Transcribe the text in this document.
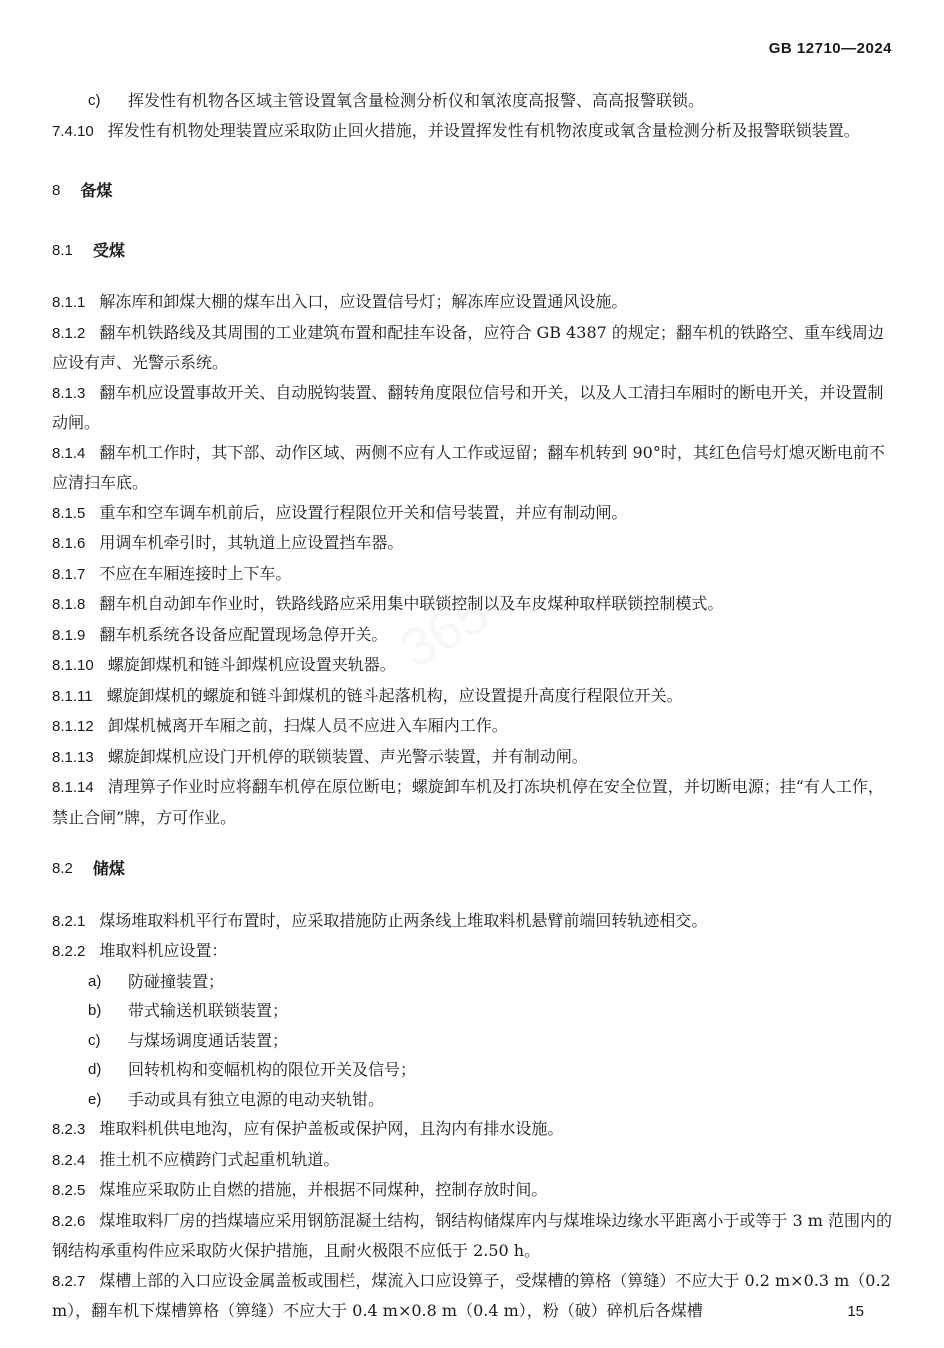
GB 12710—2024
365
c)	挥发性有机物各区域主管设置氧含量检测分析仪和氧浓度高报警、高高报警联锁。
7.4.10 挥发性有机物处理装置应采取防止回火措施，并设置挥发性有机物浓度或氧含量检测分析及报警联锁装置。
8	备煤
8.1	受煤
8.1.1 解冻库和卸煤大棚的煤车出入口，应设置信号灯；解冻库应设置通风设施。
8.1.2 翻车机铁路线及其周围的工业建筑布置和配挂车设备，应符合 GB 4387 的规定；翻车机的铁路空、重车线周边应设有声、光警示系统。
8.1.3 翻车机应设置事故开关、自动脱钩装置、翻转角度限位信号和开关，以及人工清扫车厢时的断电开关，并设置制动闸。
8.1.4 翻车机工作时，其下部、动作区域、两侧不应有人工作或逗留；翻车机转到 90°时，其红色信号灯熄灭断电前不应清扫车底。
8.1.5 重车和空车调车机前后，应设置行程限位开关和信号装置，并应有制动闸。
8.1.6 用调车机牵引时，其轨道上应设置挡车器。
8.1.7 不应在车厢连接时上下车。
8.1.8 翻车机自动卸车作业时，铁路线路应采用集中联锁控制以及车皮煤种取样联锁控制模式。
8.1.9 翻车机系统各设备应配置现场急停开关。
8.1.10 螺旋卸煤机和链斗卸煤机应设置夹轨器。
8.1.11 螺旋卸煤机的螺旋和链斗卸煤机的链斗起落机构，应设置提升高度行程限位开关。
8.1.12 卸煤机械离开车厢之前，扫煤人员不应进入车厢内工作。
8.1.13 螺旋卸煤机应设门开机停的联锁装置、声光警示装置，并有制动闸。
8.1.14 清理箅子作业时应将翻车机停在原位断电；螺旋卸车机及打冻块机停在安全位置，并切断电源；挂“有人工作，禁止合闸”牌，方可作业。
8.2	储煤
8.2.1 煤场堆取料机平行布置时，应采取措施防止两条线上堆取料机悬臂前端回转轨迹相交。
8.2.2 堆取料机应设置：
a)	防碰撞装置；
b)	带式输送机联锁装置；
c)	与煤场调度通话装置；
d)	回转机构和变幅机构的限位开关及信号；
e)	手动或具有独立电源的电动夹轨钳。
8.2.3 堆取料机供电地沟，应有保护盖板或保护网，且沟内有排水设施。
8.2.4 推土机不应横跨门式起重机轨道。
8.2.5 煤堆应采取防止自燃的措施，并根据不同煤种，控制存放时间。
8.2.6 煤堆取料厂房的挡煤墙应采用钢筋混凝土结构，钢结构储煤库内与煤堆垛边缘水平距离小于或等于 3 m 范围内的钢结构承重构件应采取防火保护措施，且耐火极限不应低于 2.50 h。
8.2.7 煤槽上部的入口应设金属盖板或围栏，煤流入口应设箅子，受煤槽的箅格（箅缝）不应大于 0.2 m×0.3 m（0.2 m），翻车机下煤槽箅格（箅缝）不应大于 0.4 m×0.8 m（0.4 m），粉（破）碎机后各煤槽	15
